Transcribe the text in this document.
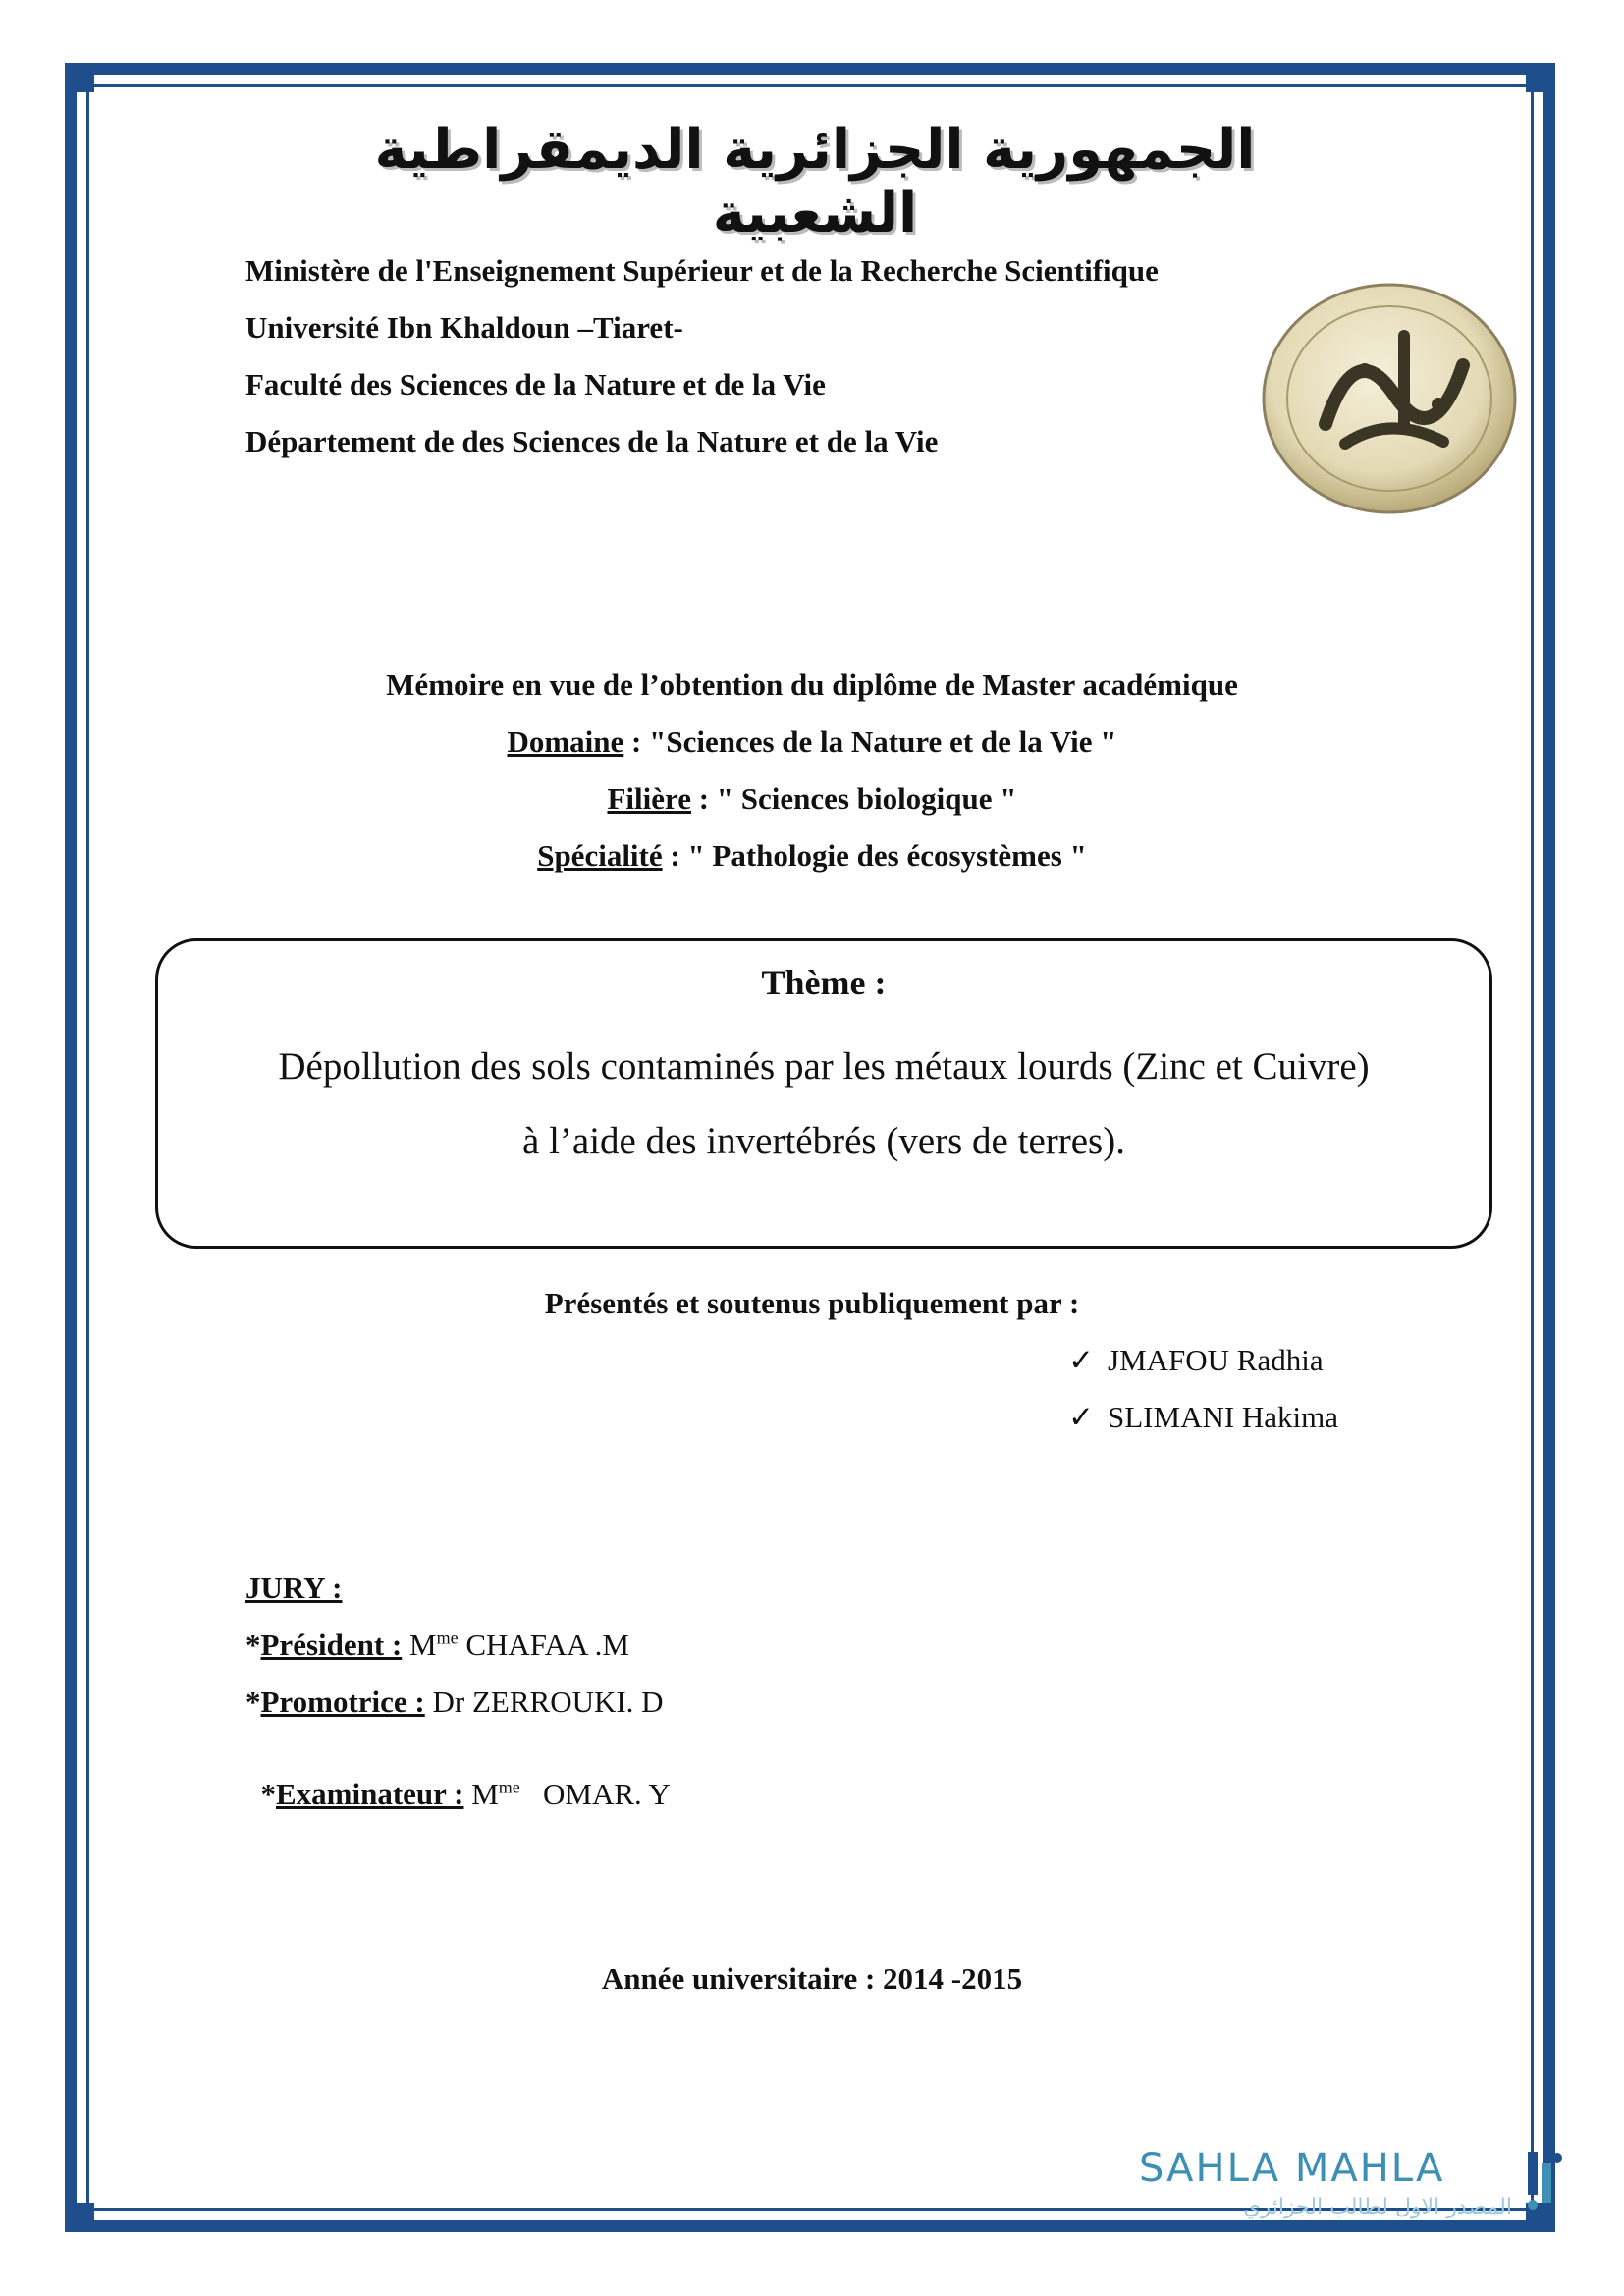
الجمهورية الجزائرية الديمقراطية الشعبية
Ministère de l'Enseignement Supérieur et de la Recherche Scientifique
Université Ibn Khaldoun –Tiaret-
Faculté des Sciences de la Nature et de la Vie
Département de des Sciences de la Nature et de la Vie
Mémoire en vue de l’obtention du diplôme de Master académique
Domaine : "Sciences de la Nature et de la Vie "
Filière : " Sciences biologique "
Spécialité : " Pathologie des écosystèmes "
Thème :
Dépollution des sols contaminés par les métaux lourds (Zinc et Cuivre)
à l’aide des invertébrés (vers de terres).
Présentés et soutenus publiquement par :
✓ JMAFOU Radhia
✓ SLIMANI Hakima
JURY :
*Président : $M^{me}$ CHAFAA .M
*Promotrice : Dr ZERROUKI. D

*Examinateur : $M^{me}$   OMAR. Y

Année universitaire : 2014 -2015
SAHLA MAHLA
المصدر الاول لطالب الجزائري
